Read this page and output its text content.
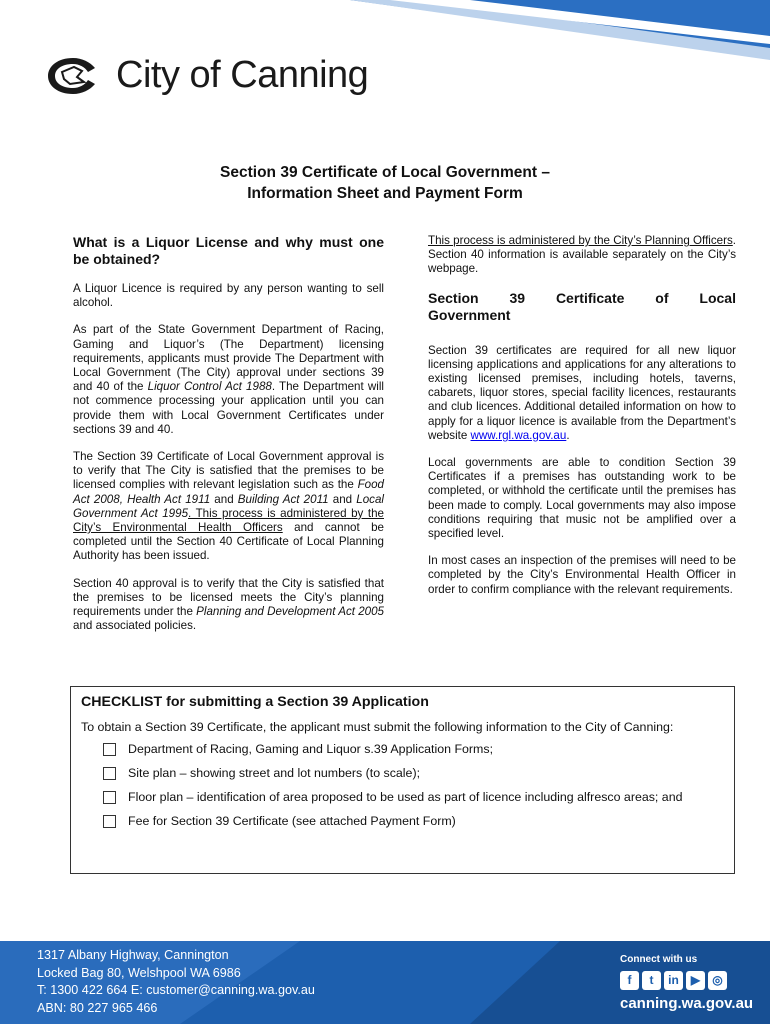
City of Canning
Section 39 Certificate of Local Government –
Information Sheet and Payment Form
What is a Liquor License and why must one be obtained?

A Liquor Licence is required by any person wanting to sell alcohol.

As part of the State Government Department of Racing, Gaming and Liquor’s (The Department) licensing requirements, applicants must provide The Department with Local Government (The City) approval under sections 39 and 40 of the Liquor Control Act 1988. The Department will not commence processing your application until you can provide them with Local Government Certificates under sections 39 and 40.

The Section 39 Certificate of Local Government approval is to verify that The City is satisfied that the premises to be licensed complies with relevant legislation such as the Food Act 2008, Health Act 1911 and Building Act 2011 and Local Government Act 1995. This process is administered by the City’s Environmental Health Officers and cannot be completed until the Section 40 Certificate of Local Planning Authority has been issued.

Section 40 approval is to verify that the City is satisfied that the premises to be licensed meets the City’s planning requirements under the Planning and Development Act 2005 and associated policies.

This process is administered by the City’s Planning Officers. Section 40 information is available separately on the City’s webpage.

Section 39 Certificate of Local
Government

Section 39 certificates are required for all new liquor licensing applications and applications for any alterations to existing licensed premises, including hotels, taverns, cabarets, liquor stores, special facility licences, restaurants and club licences. Additional detailed information on how to apply for a liquor licence is available from the Department’s website www.rgl.wa.gov.au.

Local governments are able to condition Section 39 Certificates if a premises has outstanding work to be completed, or withhold the certificate until the premises has been made to comply. Local governments may also impose conditions requiring that music not be amplified over a specified level.

In most cases an inspection of the premises will need to be completed by the City’s Environmental Health Officer in order to confirm compliance with the relevant requirements.

CHECKLIST for submitting a Section 39 Application
To obtain a Section 39 Certificate, the applicant must submit the following information to the City of Canning:
Department of Racing, Gaming and Liquor s.39 Application Forms;
Site plan – showing street and lot numbers (to scale);
Floor plan – identification of area proposed to be used as part of licence including alfresco areas; and
Fee for Section 39 Certificate (see attached Payment Form)
1317 Albany Highway, Cannington
Locked Bag 80, Welshpool WA 6986
T: 1300 422 664 E: customer@canning.wa.gov.au
ABN: 80 227 965 466
Connect with us
f	t	in	▶	◎
canning.wa.gov.au
